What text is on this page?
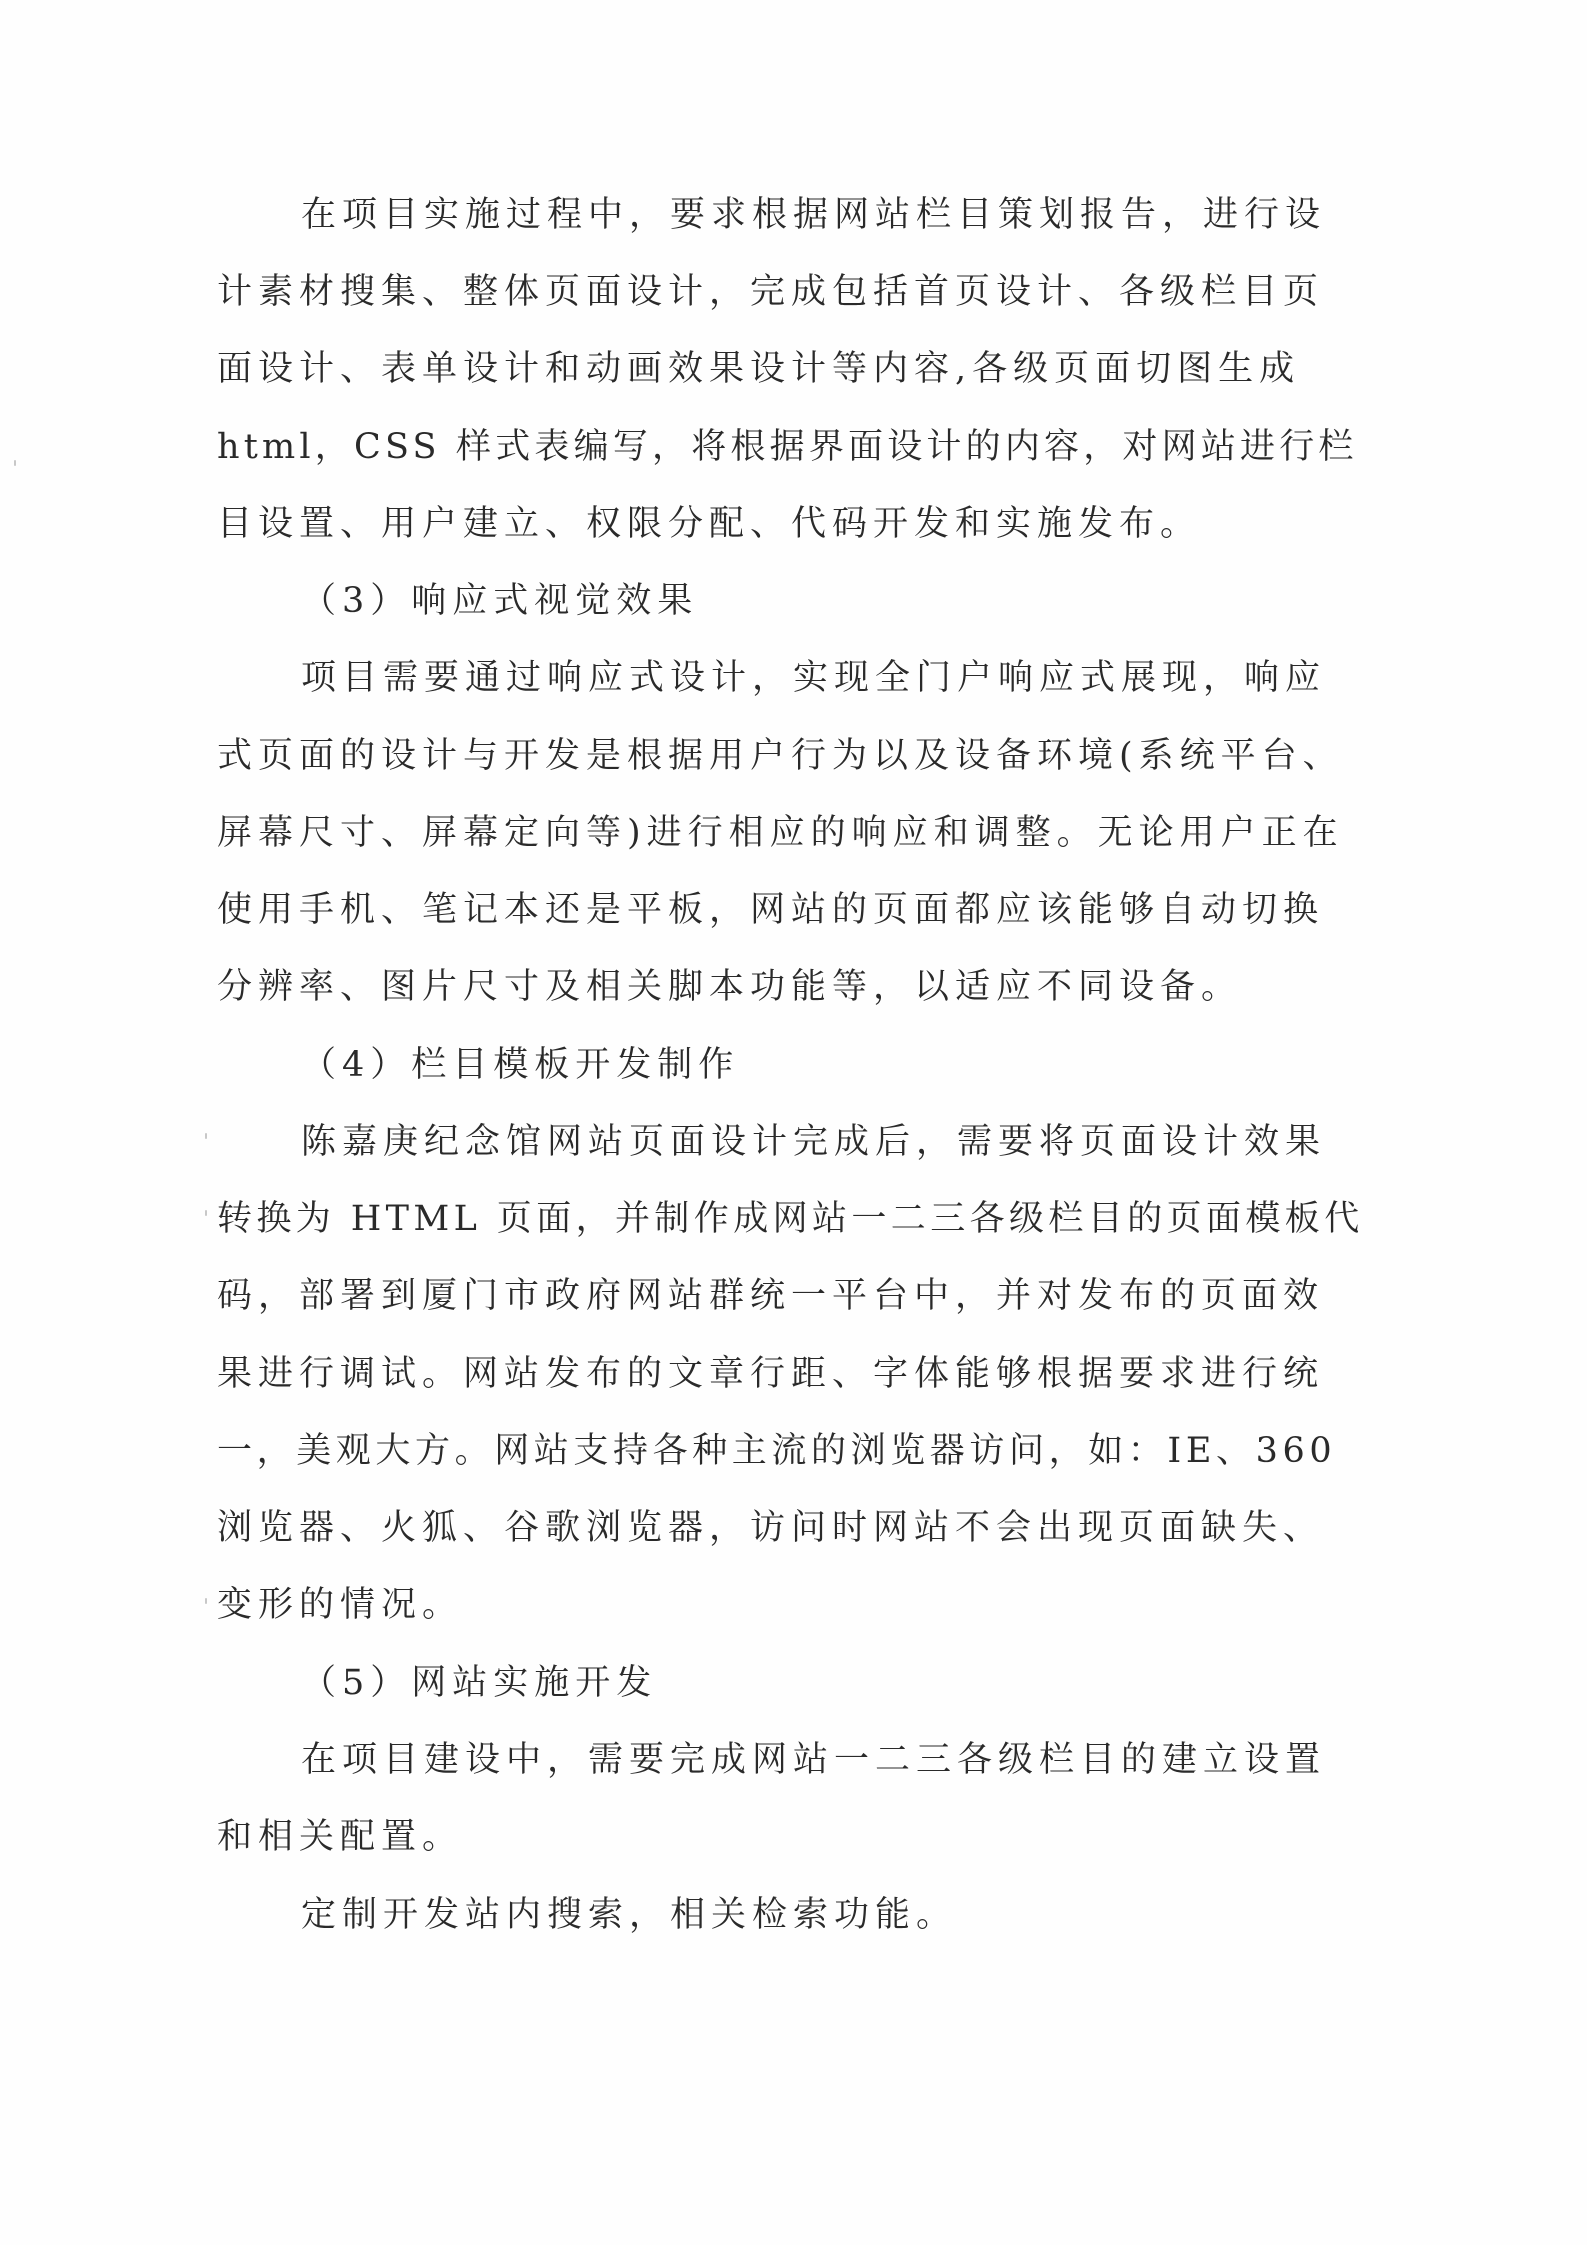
在项目实施过程中，要求根据网站栏目策划报告，进行设
计素材搜集、整体页面设计，完成包括首页设计、各级栏目页
面设计、表单设计和动画效果设计等内容,各级页面切图生成
html，CSS 样式表编写，将根据界面设计的内容，对网站进行栏
目设置、用户建立、权限分配、代码开发和实施发布。
（3）响应式视觉效果
项目需要通过响应式设计，实现全门户响应式展现，响应
式页面的设计与开发是根据用户行为以及设备环境(系统平台、
屏幕尺寸、屏幕定向等)进行相应的响应和调整。无论用户正在
使用手机、笔记本还是平板，网站的页面都应该能够自动切换
分辨率、图片尺寸及相关脚本功能等，以适应不同设备。
（4）栏目模板开发制作
陈嘉庚纪念馆网站页面设计完成后，需要将页面设计效果
转换为 HTML 页面，并制作成网站一二三各级栏目的页面模板代
码，部署到厦门市政府网站群统一平台中，并对发布的页面效
果进行调试。网站发布的文章行距、字体能够根据要求进行统
一，美观大方。网站支持各种主流的浏览器访问，如：IE、360
浏览器、火狐、谷歌浏览器，访问时网站不会出现页面缺失、
变形的情况。
（5）网站实施开发
在项目建设中，需要完成网站一二三各级栏目的建立设置
和相关配置。
定制开发站内搜索，相关检索功能。
